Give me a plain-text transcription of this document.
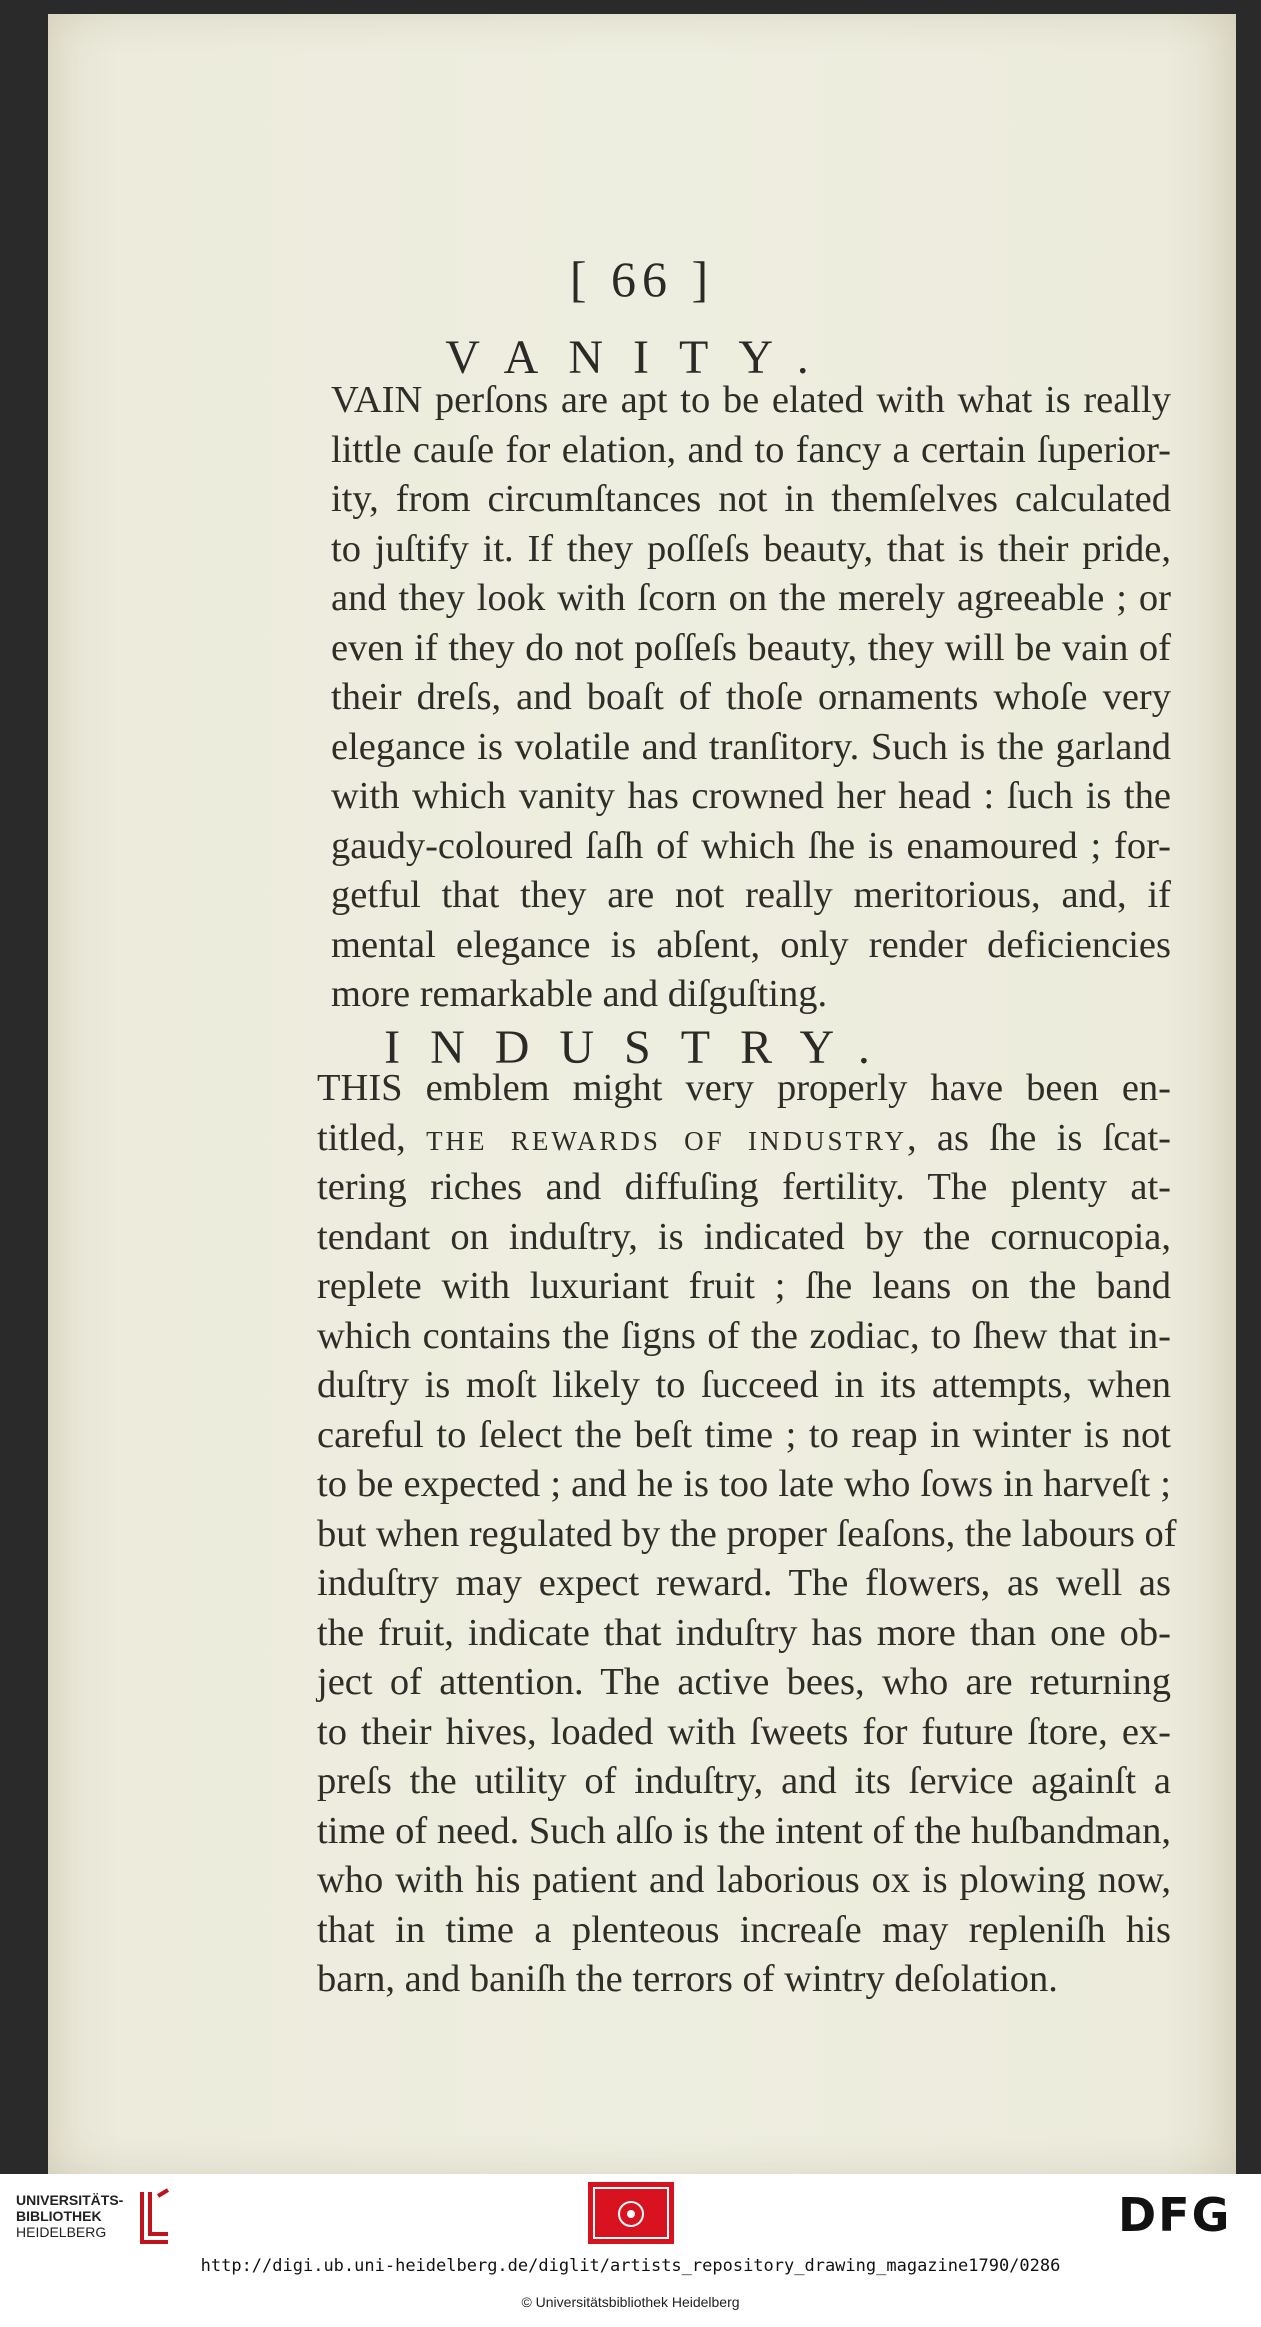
[ 66 ]
VANITY.
VAIN perſons are apt to be elated with what is really
little cauſe for elation, and to fancy a certain ſuperior-
ity, from circumſtances not in themſelves calculated
to juſtify it. If they poſſeſs beauty, that is their pride,
and they look with ſcorn on the merely agreeable ; or
even if they do not poſſeſs beauty, they will be vain of
their dreſs, and boaſt of thoſe ornaments whoſe very
elegance is volatile and tranſitory. Such is the garland
with which vanity has crowned her head : ſuch is the
gaudy-coloured ſaſh of which ſhe is enamoured ; for-
getful that they are not really meritorious, and, if
mental elegance is abſent, only render deficiencies
more remarkable and diſguſting.
INDUSTRY.
THIS emblem might very properly have been en-
titled, the rewards of industry, as ſhe is ſcat-
tering riches and diffuſing fertility. The plenty at-
tendant on induſtry, is indicated by the cornucopia,
replete with luxuriant fruit ; ſhe leans on the band
which contains the ſigns of the zodiac, to ſhew that in-
duſtry is moſt likely to ſucceed in its attempts, when
careful to ſelect the beſt time ; to reap in winter is not
to be expected ; and he is too late who ſows in harveſt ;
but when regulated by the proper ſeaſons, the labours of
induſtry may expect reward. The flowers, as well as
the fruit, indicate that induſtry has more than one ob-
ject of attention. The active bees, who are returning
to their hives, loaded with ſweets for future ſtore, ex-
preſs the utility of induſtry, and its ſervice againſt a
time of need. Such alſo is the intent of the huſbandman,
who with his patient and laborious ox is plowing now,
that in time a plenteous increaſe may repleniſh his
barn, and baniſh the terrors of wintry deſolation.
UNIVERSITÄTS-
BIBLIOTHEK
HEIDELBERG	DFG
http://digi.ub.uni-heidelberg.de/diglit/artists_repository_drawing_magazine1790/0286
© Universitätsbibliothek Heidelberg
